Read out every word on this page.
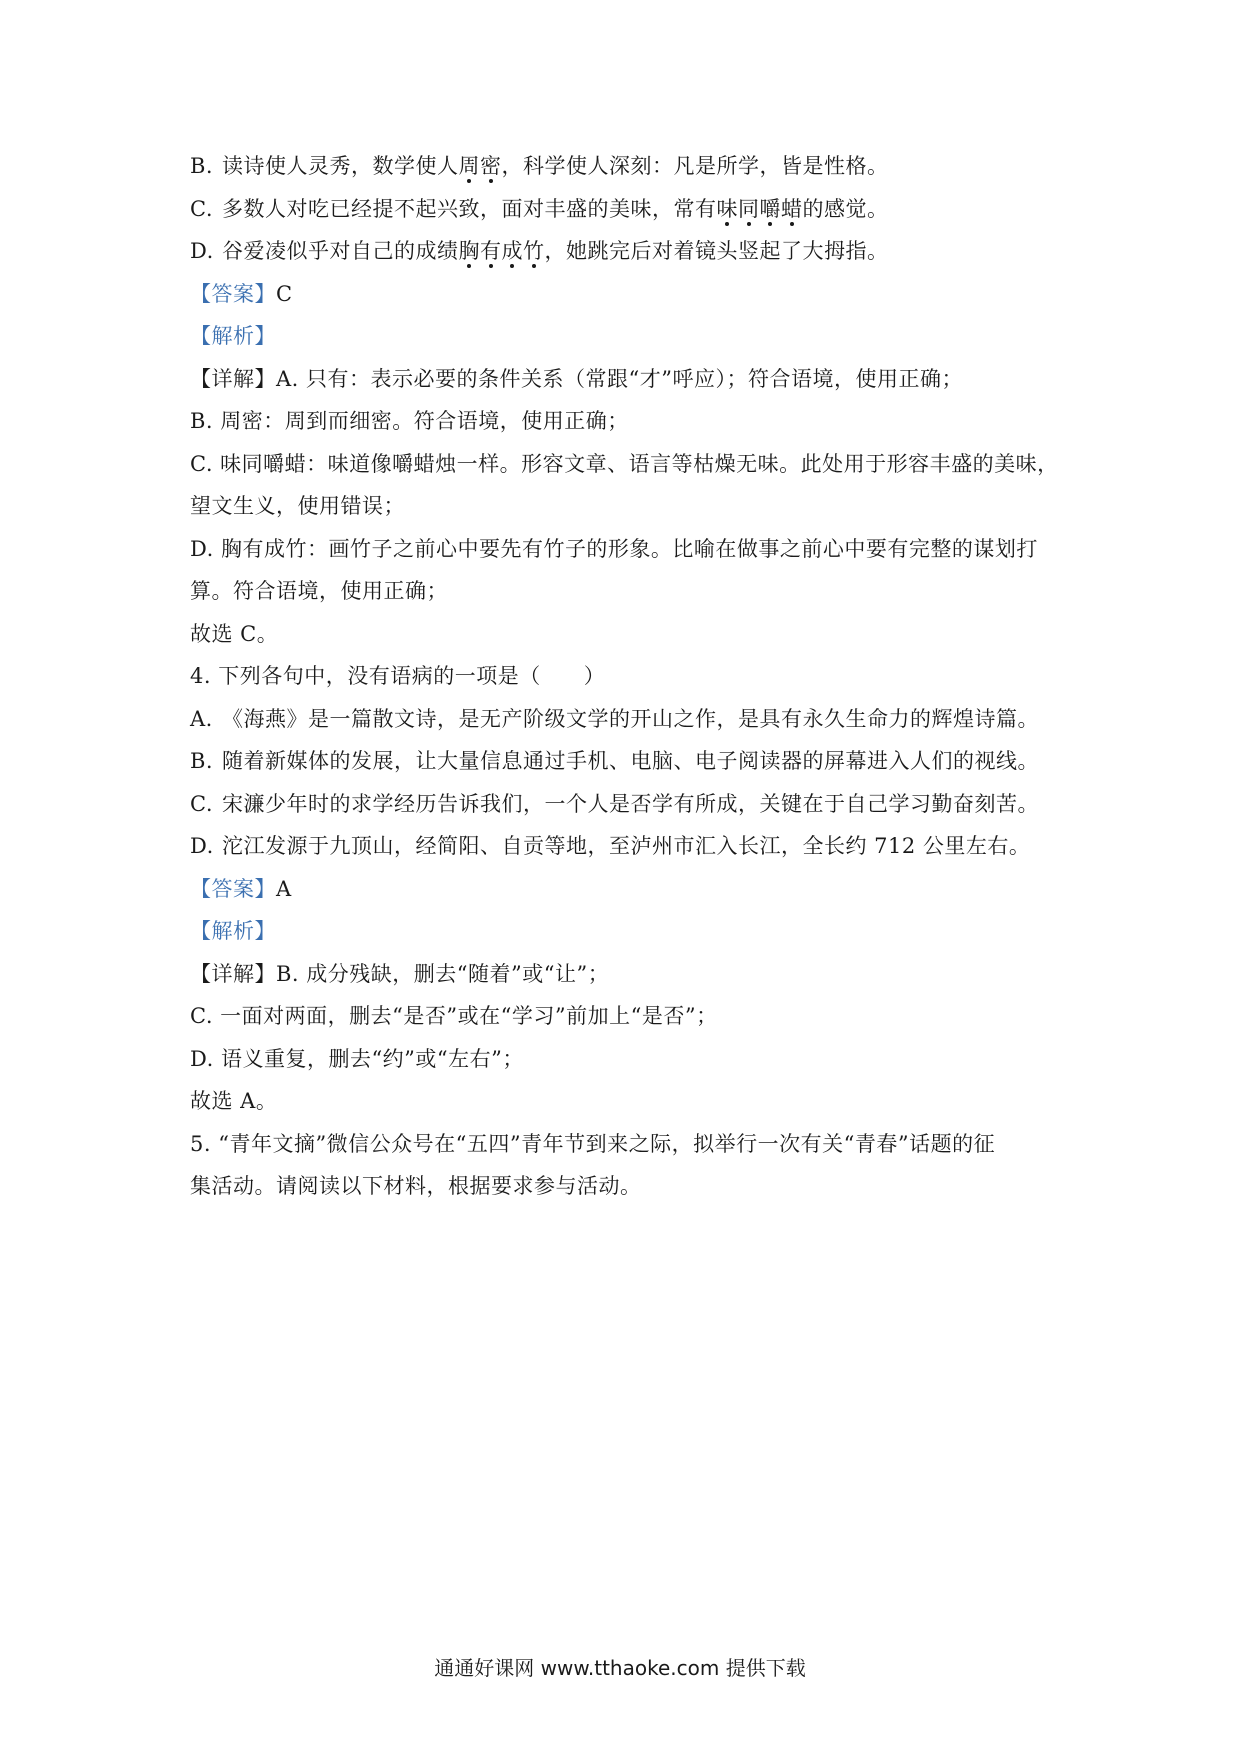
B. 读诗使人灵秀，数学使人周密，科学使人深刻：凡是所学，皆是性格。
C. 多数人对吃已经提不起兴致，面对丰盛的美味，常有味同嚼蜡的感觉。
D. 谷爱凌似乎对自己的成绩胸有成竹，她跳完后对着镜头竖起了大拇指。
【答案】C
【解析】
【详解】A. 只有：表示必要的条件关系（常跟“才”呼应）；符合语境，使用正确；
B. 周密：周到而细密。符合语境，使用正确；
C. 味同嚼蜡：味道像嚼蜡烛一样。形容文章、语言等枯燥无味。此处用于形容丰盛的美味，
望文生义，使用错误；
D. 胸有成竹：画竹子之前心中要先有竹子的形象。比喻在做事之前心中要有完整的谋划打
算。符合语境，使用正确；
故选 C。
4. 下列各句中，没有语病的一项是（　　）
A. 《海燕》是一篇散文诗，是无产阶级文学的开山之作，是具有永久生命力的辉煌诗篇。
B. 随着新媒体的发展，让大量信息通过手机、电脑、电子阅读器的屏幕进入人们的视线。
C. 宋濂少年时的求学经历告诉我们，一个人是否学有所成，关键在于自己学习勤奋刻苦。
D. 沱江发源于九顶山，经简阳、自贡等地，至泸州市汇入长江，全长约 712 公里左右。
【答案】A
【解析】
【详解】B. 成分残缺，删去“随着”或“让”；
C. 一面对两面，删去“是否”或在“学习”前加上“是否”；
D. 语义重复，删去“约”或“左右”；
故选 A。
5. “青年文摘”微信公众号在“五四”青年节到来之际，拟举行一次有关“青春”话题的征
集活动。请阅读以下材料，根据要求参与活动。
通通好课网 www.tthaoke.com 提供下载
